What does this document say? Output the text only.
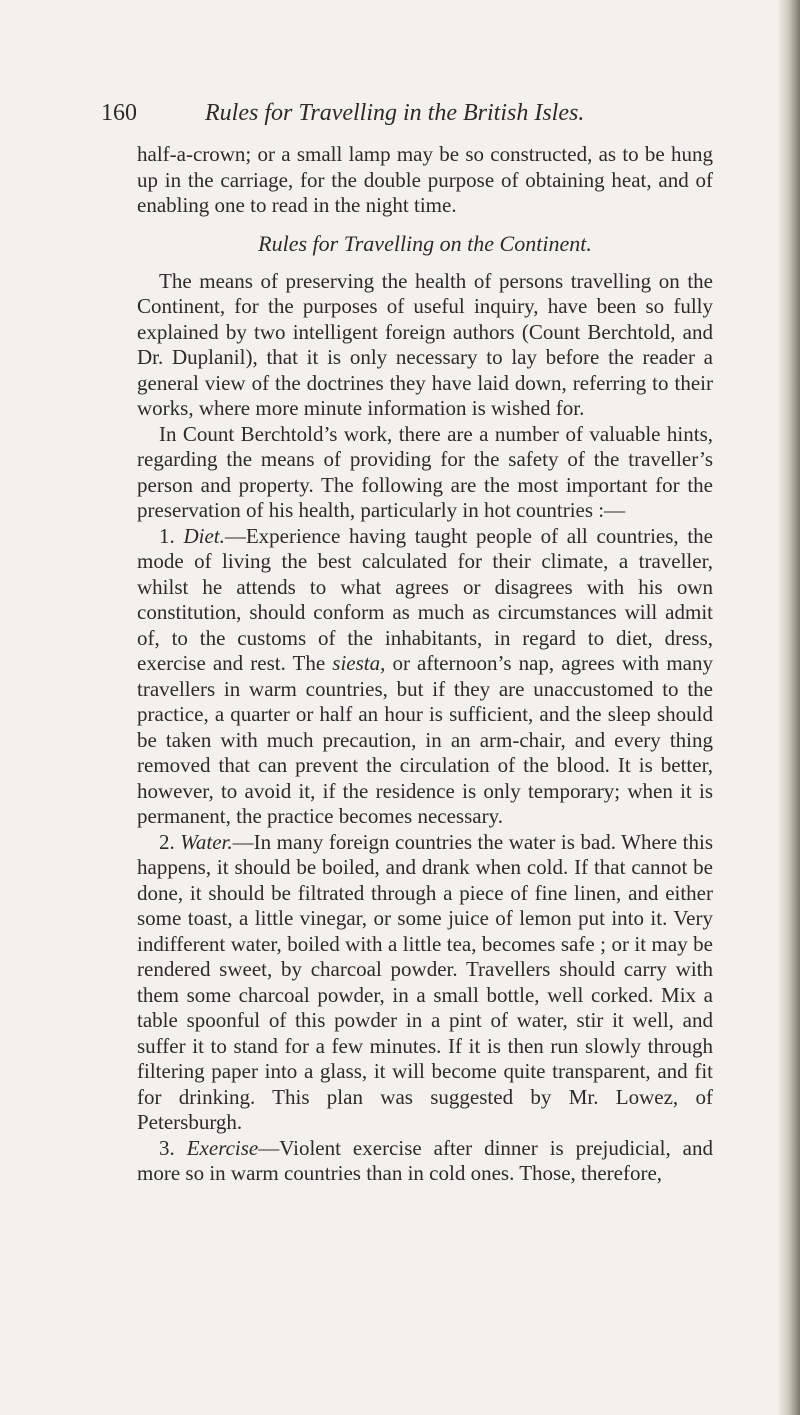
160	Rules for Travelling in the British Isles.

half-a-crown; or a small lamp may be so constructed, as to be hung up in the carriage, for the double purpose of obtaining heat, and of enabling one to read in the night time.

Rules for Travelling on the Continent.

The means of preserving the health of persons travelling on the Continent, for the purposes of useful inquiry, have been so fully explained by two intelligent foreign authors (Count Berchtold, and Dr. Duplanil), that it is only necessary to lay before the reader a general view of the doctrines they have laid down, referring to their works, where more minute information is wished for.

In Count Berchtold’s work, there are a number of valuable hints, regarding the means of providing for the safety of the traveller’s person and property. The following are the most important for the preservation of his health, particularly in hot countries :—

1. Diet.—Experience having taught people of all countries, the mode of living the best calculated for their climate, a traveller, whilst he attends to what agrees or disagrees with his own constitution, should conform as much as circumstances will admit of, to the customs of the inhabitants, in regard to diet, dress, exercise and rest. The siesta, or afternoon’s nap, agrees with many travellers in warm countries, but if they are unaccustomed to the practice, a quarter or half an hour is sufficient, and the sleep should be taken with much precaution, in an arm-chair, and every thing removed that can prevent the circulation of the blood. It is better, however, to avoid it, if the residence is only temporary; when it is permanent, the practice becomes necessary.

2. Water.—In many foreign countries the water is bad. Where this happens, it should be boiled, and drank when cold. If that cannot be done, it should be filtrated through a piece of fine linen, and either some toast, a little vinegar, or some juice of lemon put into it. Very indifferent water, boiled with a little tea, becomes safe ; or it may be rendered sweet, by charcoal powder. Travellers should carry with them some charcoal powder, in a small bottle, well corked. Mix a table spoonful of this powder in a pint of water, stir it well, and suffer it to stand for a few minutes. If it is then run slowly through filtering paper into a glass, it will become quite transparent, and fit for drinking. This plan was suggested by Mr. Lowez, of Petersburgh.

3. Exercise—Violent exercise after dinner is prejudicial, and more so in warm countries than in cold ones. Those, therefore,
